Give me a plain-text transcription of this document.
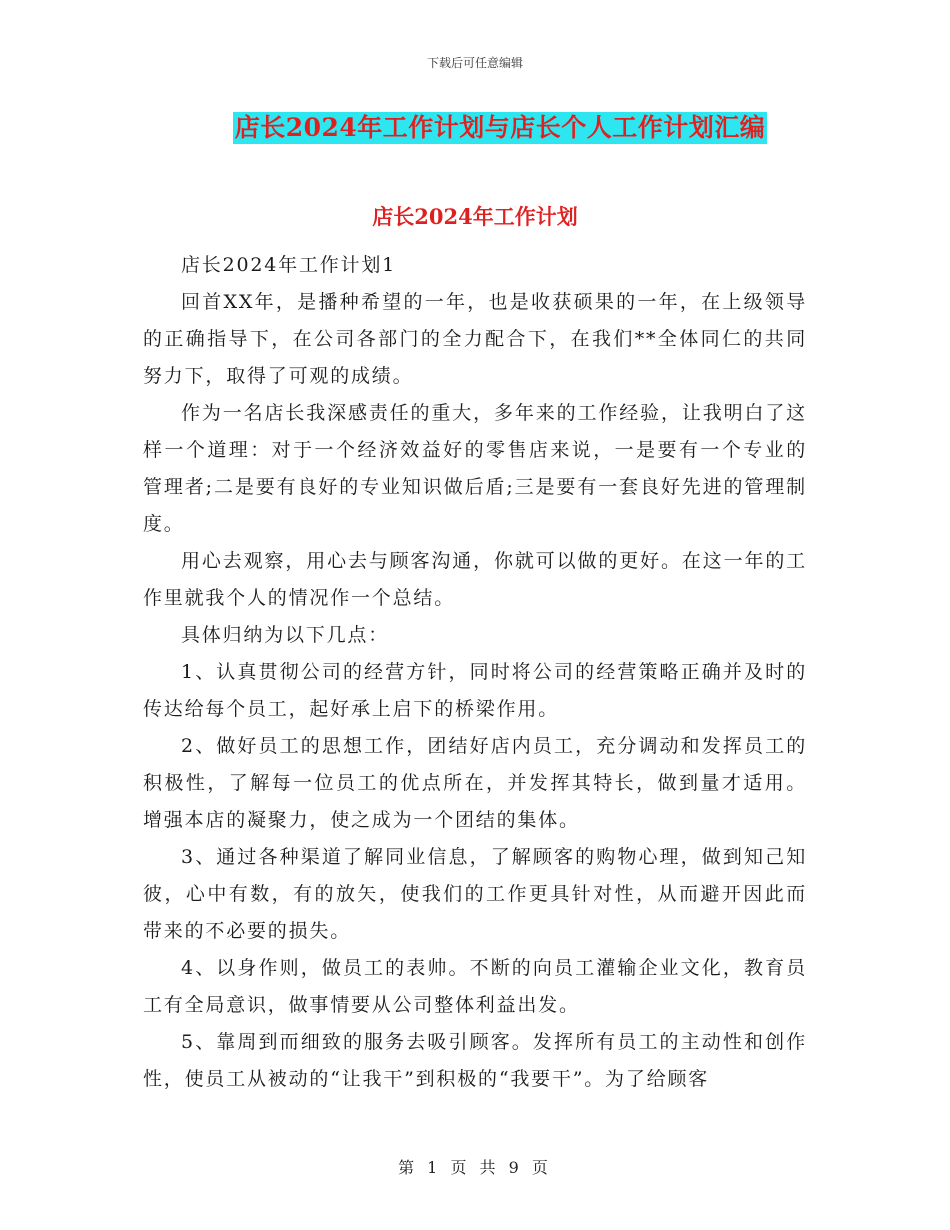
下载后可任意编辑
店长2024年工作计划与店长个人工作计划汇编
店长2024年工作计划

店长2024年工作计划1

回首XX年，是播种希望的一年，也是收获硕果的一年，在上级领导的正确指导下，在公司各部门的全力配合下，在我们**全体同仁的共同努力下，取得了可观的成绩。

作为一名店长我深感责任的重大，多年来的工作经验，让我明白了这样一个道理：对于一个经济效益好的零售店来说，一是要有一个专业的管理者;二是要有良好的专业知识做后盾;三是要有一套良好先进的管理制度。

用心去观察，用心去与顾客沟通，你就可以做的更好。在这一年的工作里就我个人的情况作一个总结。

具体归纳为以下几点：

1、认真贯彻公司的经营方针，同时将公司的经营策略正确并及时的传达给每个员工，起好承上启下的桥梁作用。

2、做好员工的思想工作，团结好店内员工，充分调动和发挥员工的积极性，了解每一位员工的优点所在，并发挥其特长，做到量才适用。增强本店的凝聚力，使之成为一个团结的集体。

3、通过各种渠道了解同业信息，了解顾客的购物心理，做到知己知彼，心中有数，有的放矢，使我们的工作更具针对性，从而避开因此而带来的不必要的损失。

4、以身作则，做员工的表帅。不断的向员工灌输企业文化，教育员工有全局意识，做事情要从公司整体利益出发。

5、靠周到而细致的服务去吸引顾客。发挥所有员工的主动性和创作性，使员工从被动的“让我干”到积极的“我要干”。为了给顾客

第 1 页 共 9 页
